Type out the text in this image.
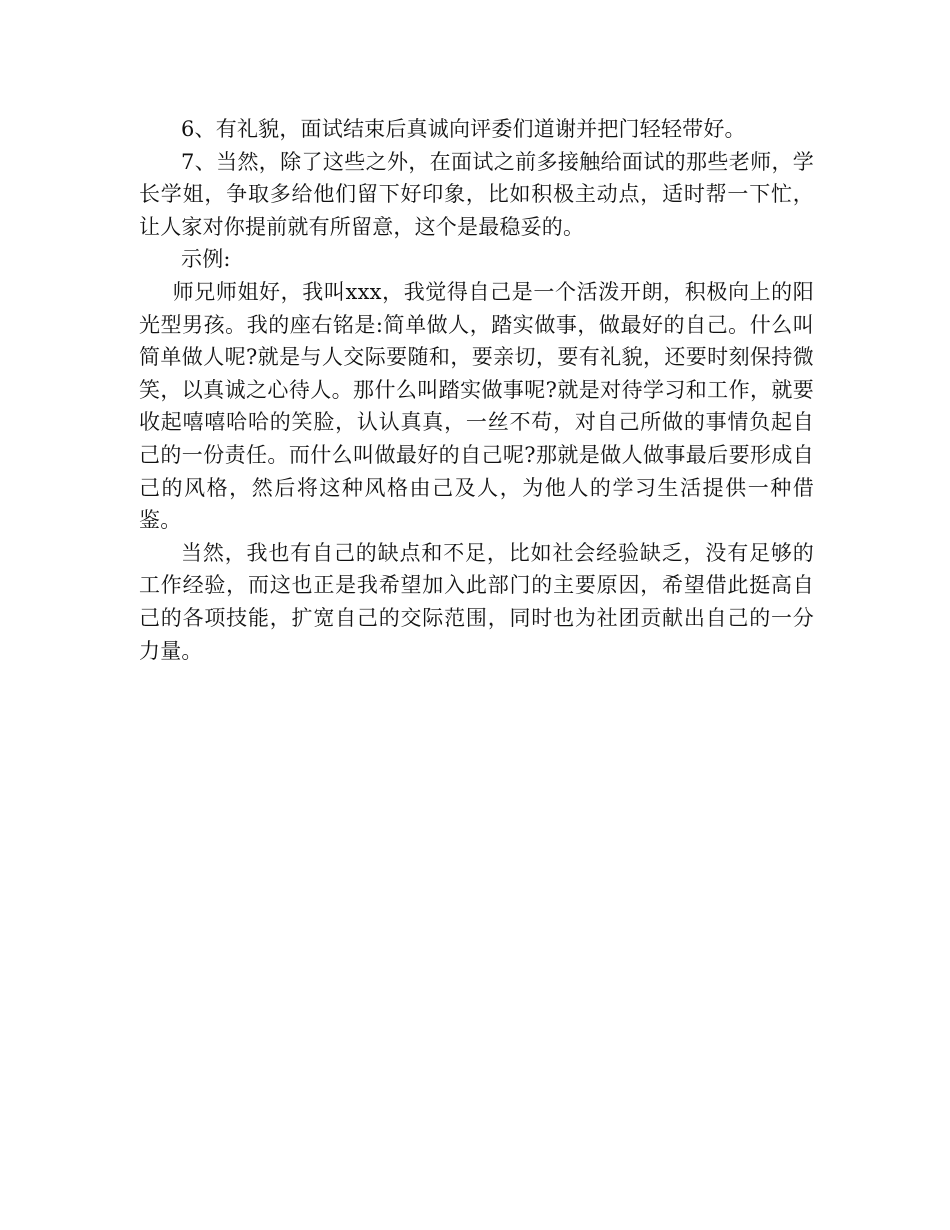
6、有礼貌，面试结束后真诚向评委们道谢并把门轻轻带好。

7、当然，除了这些之外，在面试之前多接触给面试的那些老师，学长学姐，争取多给他们留下好印象，比如积极主动点，适时帮一下忙，让人家对你提前就有所留意，这个是最稳妥的。

示例:

师兄师姐好，我叫xxx，我觉得自己是一个活泼开朗，积极向上的阳光型男孩。我的座右铭是:简单做人，踏实做事，做最好的自己。什么叫简单做人呢?就是与人交际要随和，要亲切，要有礼貌，还要时刻保持微笑，以真诚之心待人。那什么叫踏实做事呢?就是对待学习和工作，就要收起嘻嘻哈哈的笑脸，认认真真，一丝不苟，对自己所做的事情负起自己的一份责任。而什么叫做最好的自己呢?那就是做人做事最后要形成自己的风格，然后将这种风格由己及人，为他人的学习生活提供一种借鉴。

当然，我也有自己的缺点和不足，比如社会经验缺乏，没有足够的工作经验，而这也正是我希望加入此部门的主要原因，希望借此挺高自己的各项技能，扩宽自己的交际范围，同时也为社团贡献出自己的一分力量。
